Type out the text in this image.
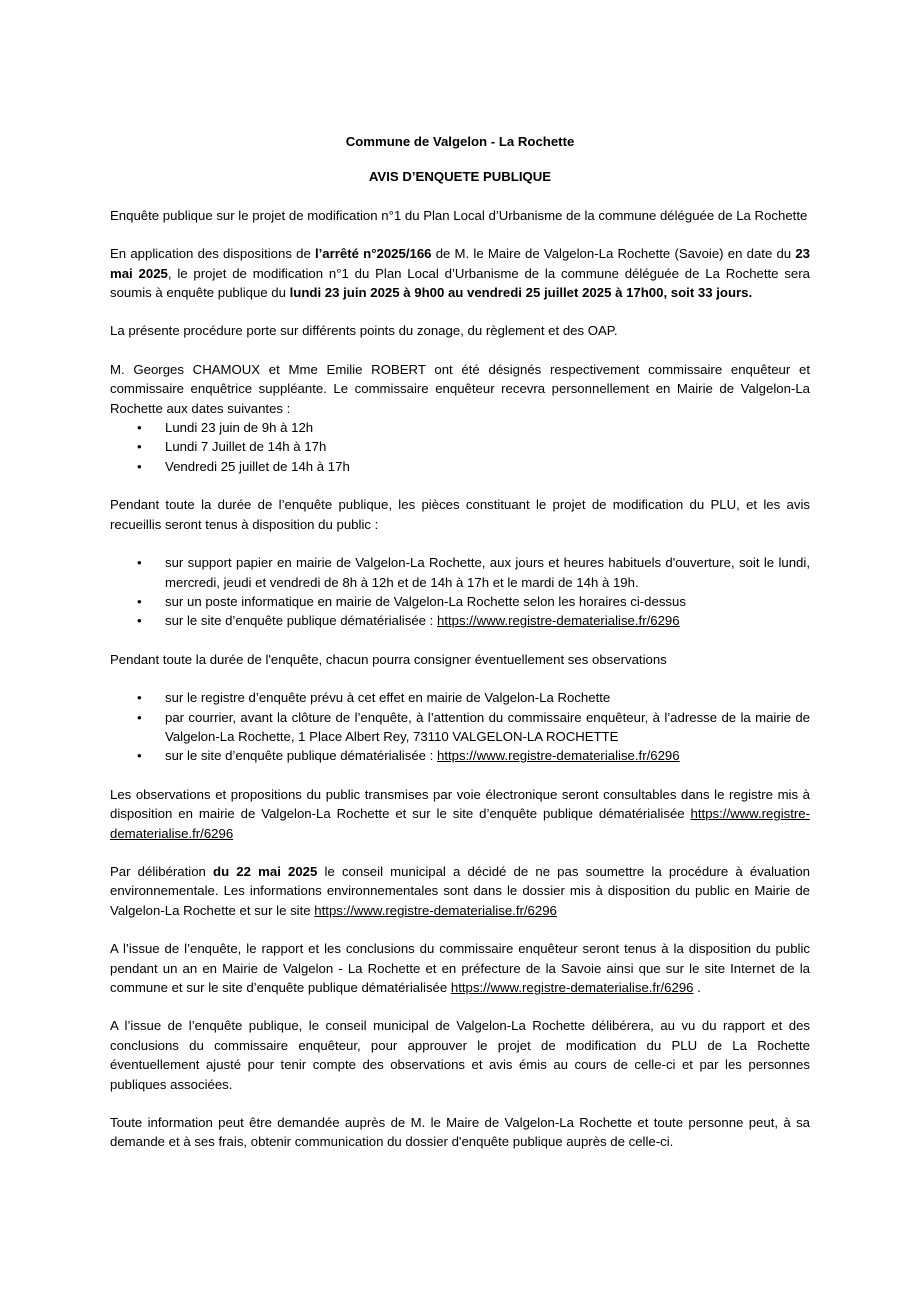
Commune de Valgelon - La Rochette
AVIS D’ENQUETE PUBLIQUE

Enquête publique sur le projet de modification n°1 du Plan Local d’Urbanisme de la commune déléguée de La Rochette

En application des dispositions de l’arrêté n°2025/166 de M. le Maire de Valgelon-La Rochette (Savoie) en date du 23 mai 2025, le projet de modification n°1 du Plan Local d’Urbanisme de la commune déléguée de La Rochette sera soumis à enquête publique du lundi 23 juin 2025 à 9h00 au vendredi 25 juillet 2025 à 17h00, soit 33 jours.

La présente procédure porte sur différents points du zonage, du règlement et des OAP.

M. Georges CHAMOUX et Mme Emilie ROBERT ont été désignés respectivement commissaire enquêteur et commissaire enquêtrice suppléante. Le commissaire enquêteur recevra personnellement en Mairie de Valgelon-La Rochette aux dates suivantes :

• Lundi 23 juin de 9h à 12h
• Lundi 7 Juillet de 14h à 17h
• Vendredi 25 juillet de 14h à 17h

Pendant toute la durée de l’enquête publique, les pièces constituant le projet de modification du PLU, et les avis recueillis seront tenus à disposition du public :

• sur support papier en mairie de Valgelon-La Rochette, aux jours et heures habituels d'ouverture, soit le lundi, mercredi, jeudi et vendredi de 8h à 12h et de 14h à 17h et le mardi de 14h à 19h.
• sur un poste informatique en mairie de Valgelon-La Rochette selon les horaires ci-dessus
• sur le site d’enquête publique dématérialisée : https://www.registre-dematerialise.fr/6296

Pendant toute la durée de l'enquête, chacun pourra consigner éventuellement ses observations

• sur le registre d’enquête prévu à cet effet en mairie de Valgelon-La Rochette
• par courrier, avant la clôture de l’enquête, à l’attention du commissaire enquêteur, à l’adresse de la mairie de Valgelon-La Rochette, 1 Place Albert Rey, 73110 VALGELON-LA ROCHETTE
• sur le site d’enquête publique dématérialisée : https://www.registre-dematerialise.fr/6296

Les observations et propositions du public transmises par voie électronique seront consultables dans le registre mis à disposition en mairie de Valgelon-La Rochette et sur le site d’enquête publique dématérialisée https://www.registre-dematerialise.fr/6296

Par délibération du 22 mai 2025 le conseil municipal a décidé de ne pas soumettre la procédure à évaluation environnementale. Les informations environnementales sont dans le dossier mis à disposition du public en Mairie de Valgelon-La Rochette et sur le site https://www.registre-dematerialise.fr/6296

A l’issue de l’enquête, le rapport et les conclusions du commissaire enquêteur seront tenus à la disposition du public pendant un an en Mairie de Valgelon - La Rochette et en préfecture de la Savoie ainsi que sur le site Internet de la commune et sur le site d’enquête publique dématérialisée https://www.registre-dematerialise.fr/6296 .

A l’issue de l’enquête publique, le conseil municipal de Valgelon-La Rochette délibérera, au vu du rapport et des conclusions du commissaire enquêteur, pour approuver le projet de modification du PLU de La Rochette éventuellement ajusté pour tenir compte des observations et avis émis au cours de celle-ci et par les personnes publiques associées.

Toute information peut être demandée auprès de M. le Maire de Valgelon-La Rochette et toute personne peut, à sa demande et à ses frais, obtenir communication du dossier d'enquête publique auprès de celle-ci.
